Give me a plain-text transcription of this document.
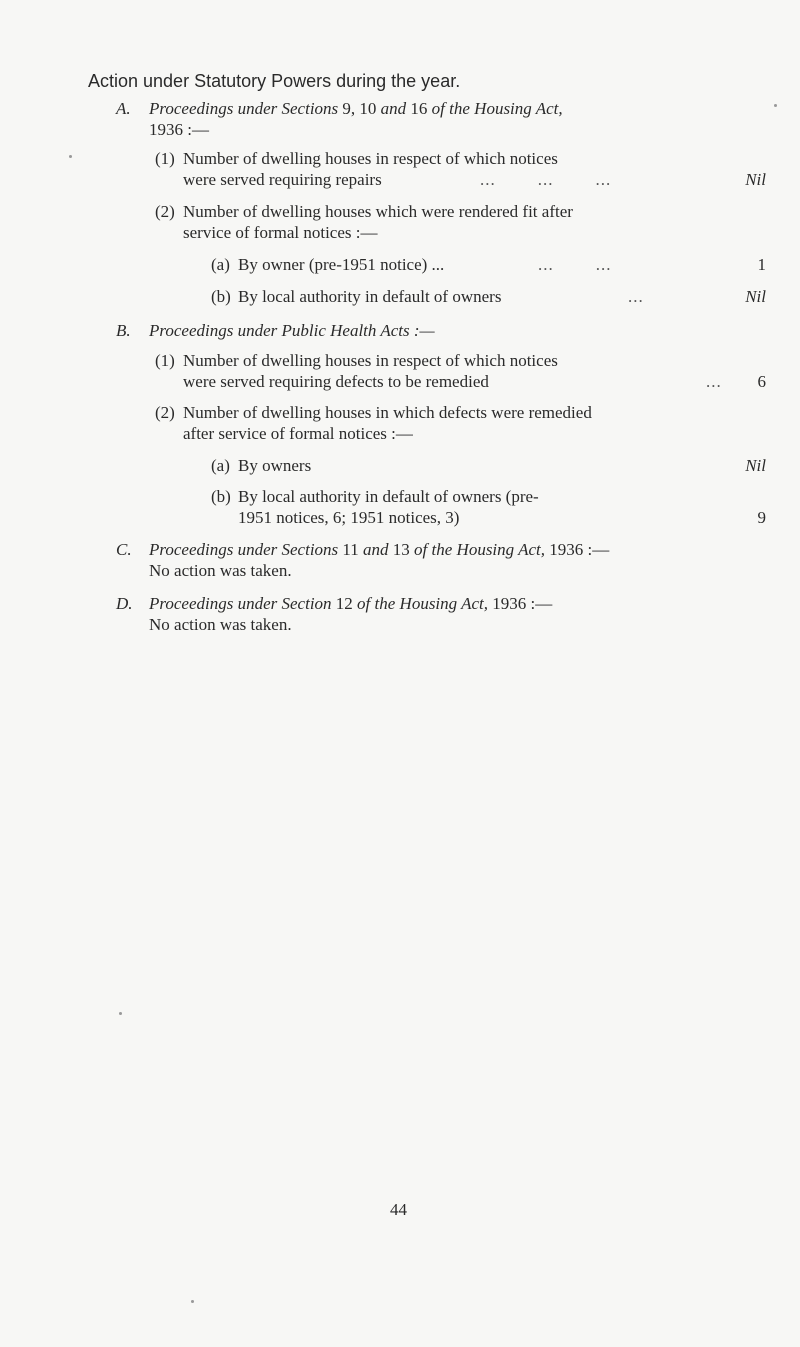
Action under Statutory Powers during the year.
A. Proceedings under Sections 9, 10 and 16 of the Housing Act,
1936 :—
(1) Number of dwelling houses in respect of which notices
were served requiring repairs	...        ...        ...	Nil
(2) Number of dwelling houses which were rendered fit after
service of formal notices :—
(a) By owner (pre-1951 notice) ...	...        ...	1
(b) By local authority in default of owners	...	Nil
B. Proceedings under Public Health Acts :—
(1) Number of dwelling houses in respect of which notices
were served requiring defects to be remedied	... 6
(2) Number of dwelling houses in which defects were remedied
after service of formal notices :—
(a) By owners	Nil
(b) By local authority in default of owners (pre-
1951 notices, 6; 1951 notices, 3)	9
C. Proceedings under Sections 11 and 13 of the Housing Act, 1936 :—
No action was taken.
D. Proceedings under Section 12 of the Housing Act, 1936 :—
No action was taken.
44
